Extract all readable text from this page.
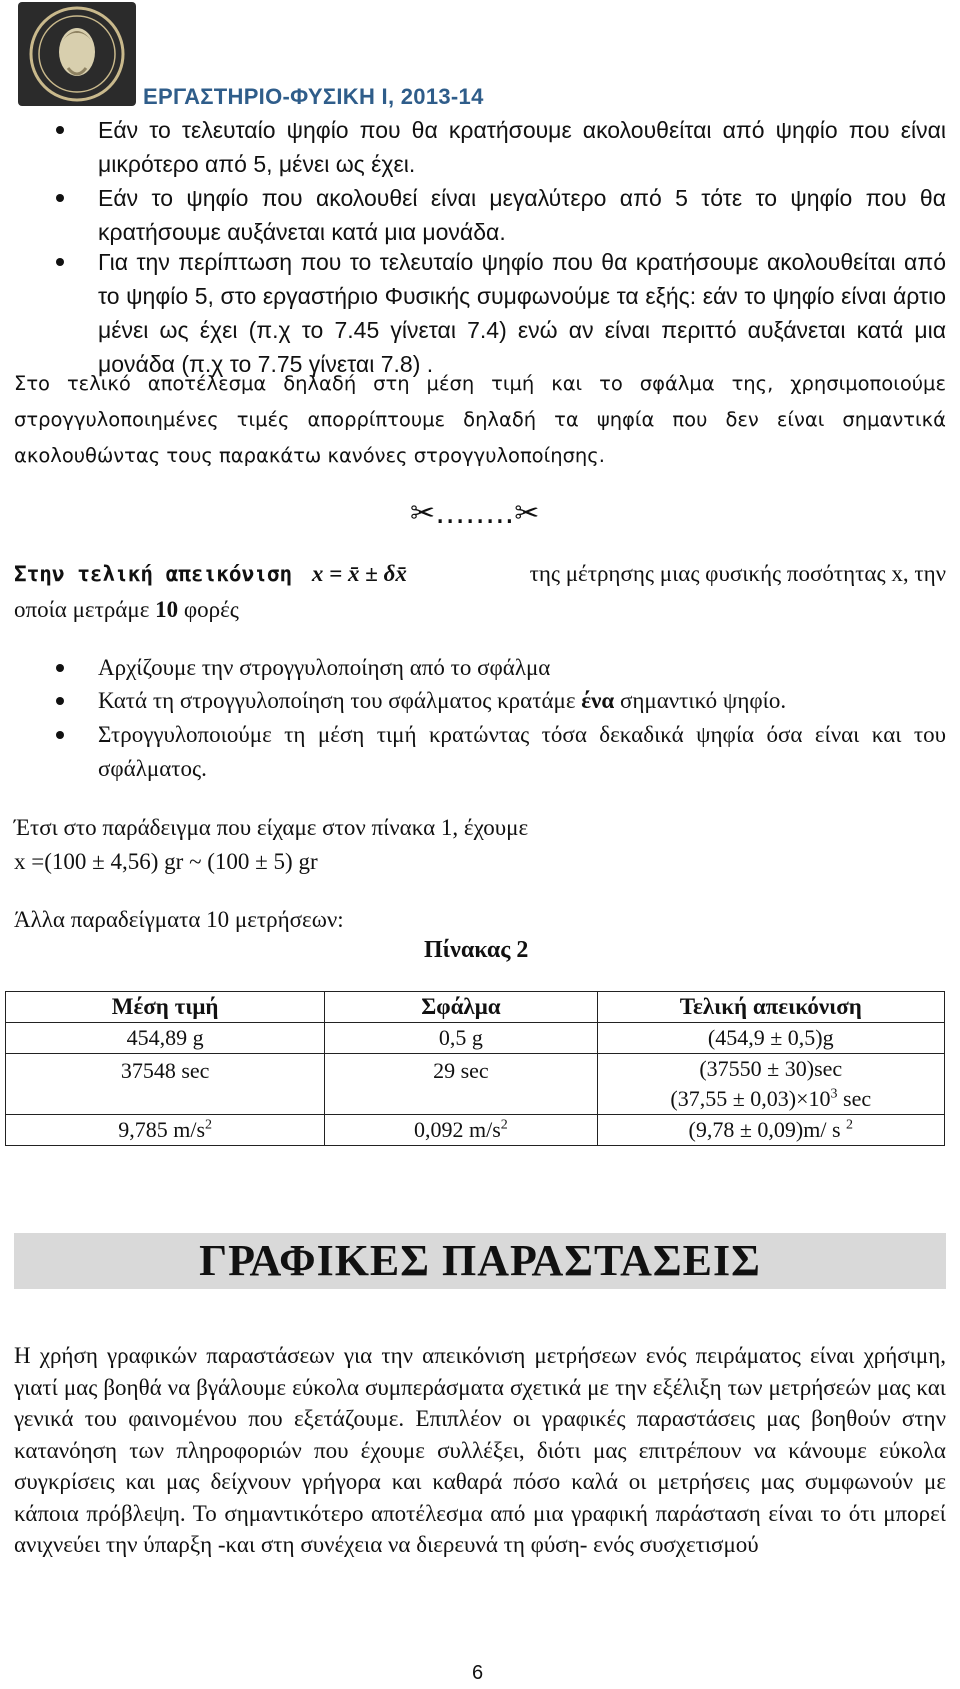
ΕΡΓΑΣΤΗΡΙΟ-ΦΥΣΙΚΗ Ι, 2013-14
Εάν το τελευταίο ψηφίο που θα κρατήσουμε ακολουθείται από ψηφίο που είναι μικρότερο από 5, μένει ως έχει.
Εάν το ψηφίο που ακολουθεί είναι μεγαλύτερο από 5 τότε το ψηφίο που θα κρατήσουμε αυξάνεται κατά μια μονάδα.
Για την περίπτωση που το τελευταίο ψηφίο που θα κρατήσουμε ακολουθείται από το ψηφίο 5, στο εργαστήριο Φυσικής συμφωνούμε τα εξής: εάν το ψηφίο είναι άρτιο μένει ως έχει (π.χ το 7.45 γίνεται 7.4) ενώ αν είναι περιττό αυξάνεται κατά μια μονάδα (π.χ το 7.75 γίνεται 7.8) .
Στο τελικό αποτέλεσμα δηλαδή στη μέση τιμή και το σφάλμα της, χρησιμοποιούμε στρογγυλοποιημένες τιμές απορρίπτουμε δηλαδή τα ψηφία που δεν είναι σημαντικά ακολουθώντας τους παρακάτω κανόνες στρογγυλοποίησης.
✂……..✂
Στην τελική απεικόνιση x = x̄ ± δx̄	της μέτρησης μιας φυσικής ποσότητας x, την
οποία μετράμε 10 φορές
Αρχίζουμε την στρογγυλοποίηση από το σφάλμα
Κατά τη στρογγυλοποίηση του σφάλματος κρατάμε ένα σημαντικό ψηφίο.
Στρογγυλοποιούμε τη μέση τιμή κρατώντας τόσα δεκαδικά ψηφία όσα είναι και του σφάλματος.
Έτσι στο παράδειγμα που είχαμε στον πίνακα 1, έχουμε
x =(100 ± 4,56) gr ~ (100 ± 5) gr
Άλλα παραδείγματα 10 μετρήσεων:
Πίνακας 2
Μέση τιμή	Σφάλμα	Τελική απεικόνιση
454,89 g	0,5 g	(454,9 ± 0,5)g
37548 sec	29 sec	(37550 ± 30)sec
		$(37,55 \pm 0,03)\times 10^3$ sec
9,785 $m/s^2$	0,092 $m/s^2$	(9,78 ± 0,09)m/ s $^2$
ΓΡΑΦΙΚΕΣ ΠΑΡΑΣΤΑΣΕΙΣ
Η χρήση γραφικών παραστάσεων για την απεικόνιση μετρήσεων ενός πειράματος είναι χρήσιμη, γιατί μας βοηθά να βγάλουμε εύκολα συμπεράσματα σχετικά με την εξέλιξη των μετρήσεών μας και γενικά του φαινομένου που εξετάζουμε. Επιπλέον οι γραφικές παραστάσεις μας βοηθούν στην κατανόηση των πληροφοριών που έχουμε συλλέξει, διότι μας επιτρέπουν να κάνουμε εύκολα συγκρίσεις και μας δείχνουν γρήγορα και καθαρά πόσο καλά οι μετρήσεις μας συμφωνούν με κάποια πρόβλεψη. Το σημαντικότερο αποτέλεσμα από μια γραφική παράσταση είναι το ότι μπορεί ανιχνεύει την ύπαρξη -και στη συνέχεια να διερευνά τη φύση- ενός συσχετισμού
6
